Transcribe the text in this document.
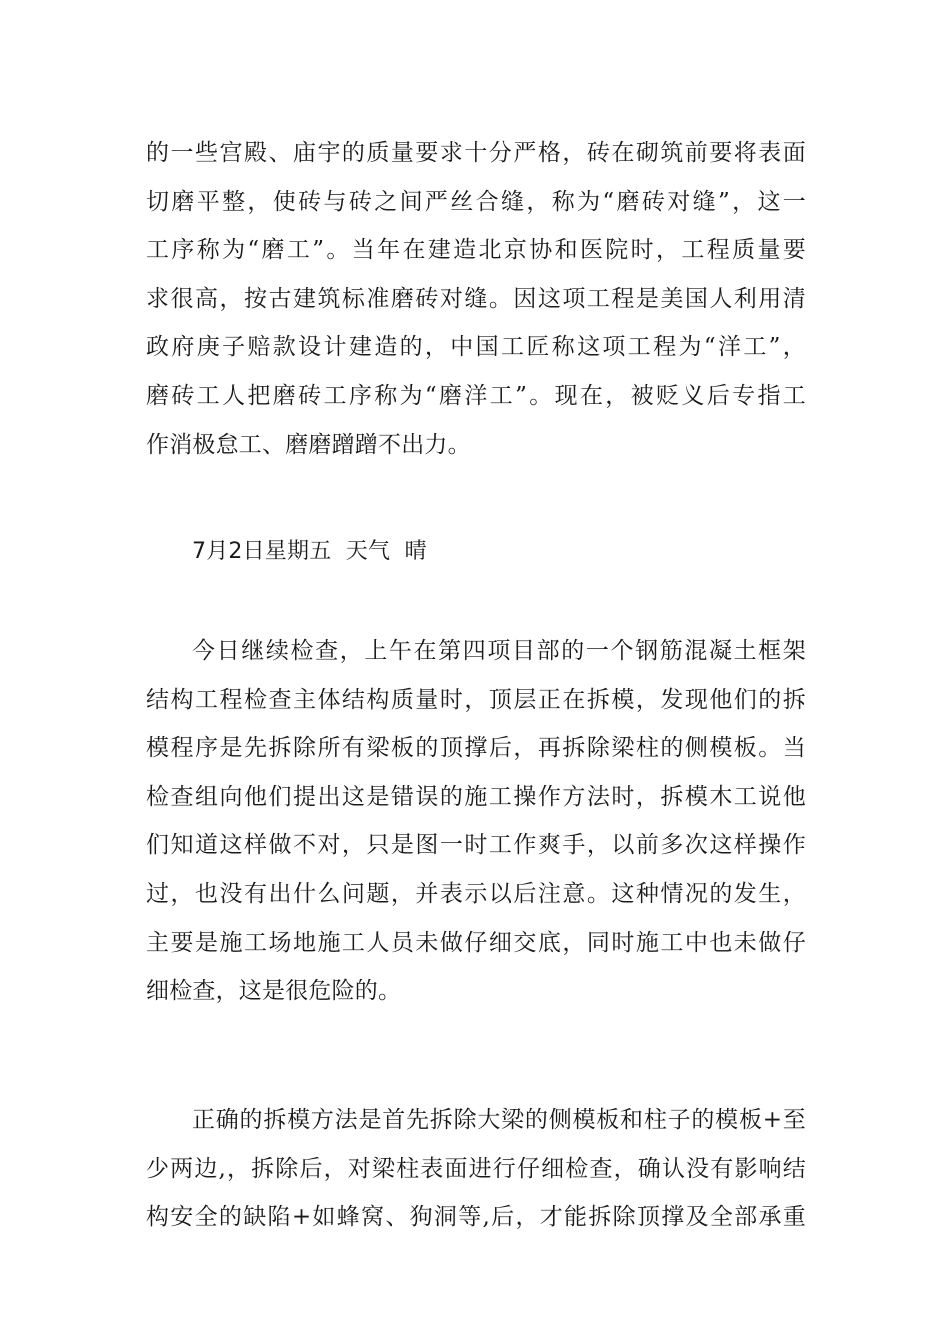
的一些宫殿、庙宇的质量要求十分严格，砖在砌筑前要将表面
切磨平整，使砖与砖之间严丝合缝，称为“磨砖对缝”，这一
工序称为“磨工”。当年在建造北京协和医院时，工程质量要
求很高，按古建筑标准磨砖对缝。因这项工程是美国人利用清
政府庚子赔款设计建造的，中国工匠称这项工程为“洋工”，
磨砖工人把磨砖工序称为“磨洋工”。现在，被贬义后专指工
作消极怠工、磨磨蹭蹭不出力。
7月2日星期五  天气  晴
今日继续检查，上午在第四项目部的一个钢筋混凝土框架
结构工程检查主体结构质量时，顶层正在拆模，发现他们的拆
模程序是先拆除所有梁板的顶撑后，再拆除梁柱的侧模板。当
检查组向他们提出这是错误的施工操作方法时，拆模木工说他
们知道这样做不对，只是图一时工作爽手，以前多次这样操作
过，也没有出什么问题，并表示以后注意。这种情况的发生，
主要是施工场地施工人员未做仔细交底，同时施工中也未做仔
细检查，这是很危险的。
正确的拆模方法是首先拆除大梁的侧模板和柱子的模板+至
少两边,，拆除后，对梁柱表面进行仔细检查，确认没有影响结
构安全的缺陷+如蜂窝、狗洞等,后，才能拆除顶撑及全部承重
